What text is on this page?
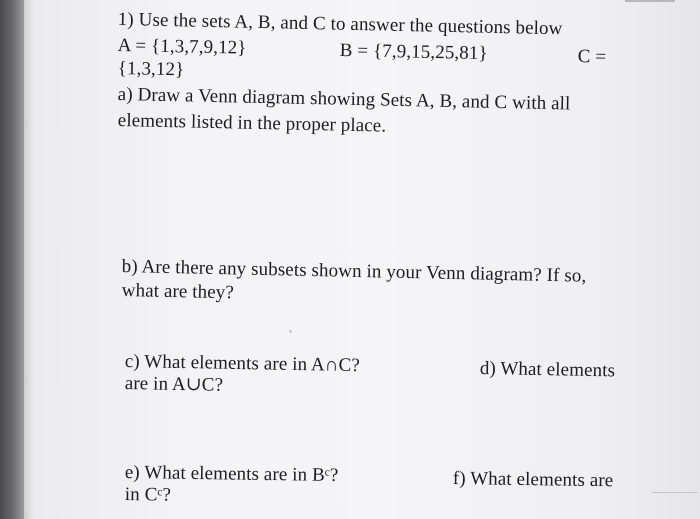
1) Use the sets A, B, and C to answer the questions below
A = {1,3,7,9,12}	B = {7,9,15,25,81}	C =
{1,3,12}
a) Draw a Venn diagram showing Sets A, B, and C with all
elements listed in the proper place.
b) Are there any subsets shown in your Venn diagram? If so,
what are they?
c) What elements are in A∩C?	d) What elements
are in A∪C?
e) What elements are in Bᶜ?	f) What elements are
in Cᶜ?
